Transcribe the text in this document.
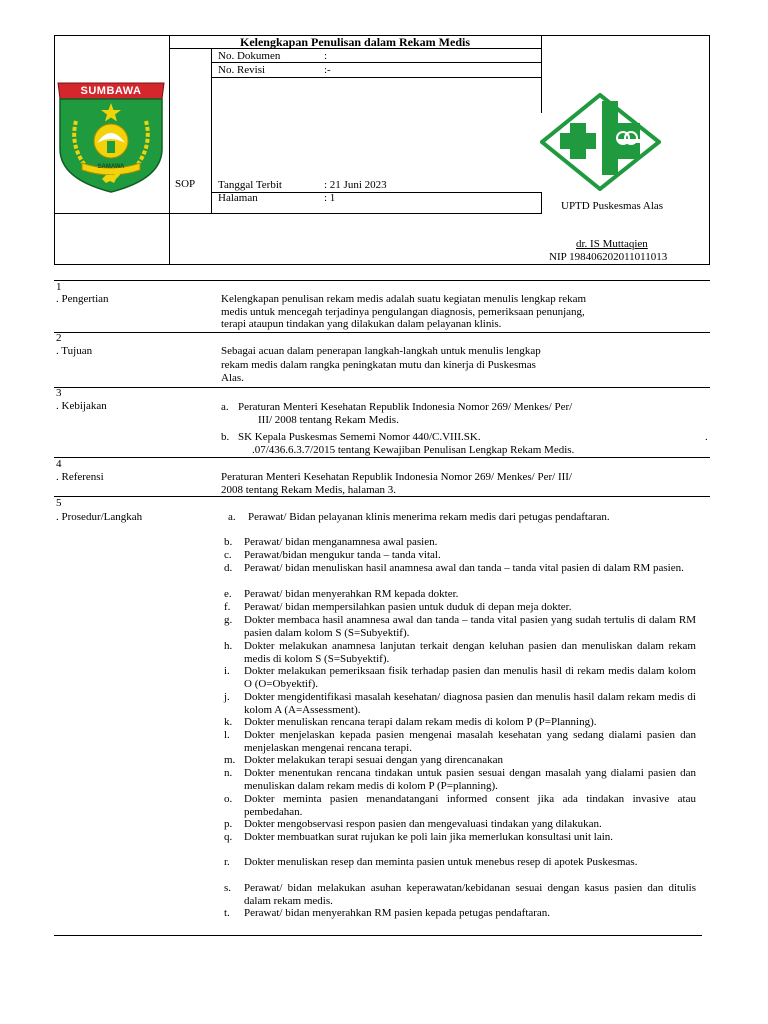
SUMBAWA
SAMAWA
Kelengkapan Penulisan dalam Rekam Medis
SOP
No. Dokumen	:
No. Revisi	:-
Tanggal Terbit	: 21 Juni 2023
Halaman	: 1
UPTD Puskesmas Alas
dr. IS Muttaqien
NIP 198406202011011013
1
. Pengertian	Kelengkapan penulisan rekam medis adalah suatu kegiatan menulis lengkap rekam
medis untuk mencegah terjadinya pengulangan diagnosis, pemeriksaan penunjang,
terapi ataupun tindakan yang dilakukan dalam pelayanan klinis.
2
. Tujuan	Sebagai acuan dalam penerapan langkah-langkah untuk menulis lengkap
rekam medis dalam rangka peningkatan mutu dan kinerja di Puskesmas
Alas.
3
. Kebijakan	a. Peraturan Menteri Kesehatan Republik Indonesia Nomor 269/ Menkes/ Per/
III/ 2008 tentang Rekam Medis.
b. SK Kepala Puskesmas Sememi Nomor 440/C.VIII.SK.
.07/436.6.3.7/2015 tentang Kewajiban Penulisan Lengkap Rekam Medis.
.
4
. Referensi	Peraturan Menteri Kesehatan Republik Indonesia Nomor 269/ Menkes/ Per/ III/
2008 tentang Rekam Medis, halaman 3.
5
. Prosedur/Langkah	a.	Perawat/ Bidan pelayanan klinis menerima rekam medis dari petugas pendaftaran.
b.	Perawat/ bidan menganamnesa awal pasien.
c.	Perawat/bidan mengukur tanda – tanda vital.
d.	Perawat/ bidan menuliskan hasil anamnesa awal dan tanda – tanda vital pasien di dalam RM pasien.
e.	Perawat/ bidan menyerahkan RM kepada dokter.
f.	Perawat/ bidan mempersilahkan pasien untuk duduk di depan meja dokter.
g.	Dokter membaca hasil anamnesa awal dan tanda – tanda vital pasien yang sudah tertulis di dalam RM pasien dalam kolom S (S=Subyektif).
h.	Dokter melakukan anamnesa lanjutan terkait dengan keluhan pasien dan menuliskan dalam rekam medis di kolom S (S=Subyektif).
i.	Dokter melakukan pemeriksaan fisik terhadap pasien dan menulis hasil di rekam medis dalam kolom O (O=Obyektif).
j.	Dokter mengidentifikasi masalah kesehatan/ diagnosa pasien dan menulis hasil dalam rekam medis di kolom A (A=Assessment).
k.	Dokter menuliskan rencana terapi dalam rekam medis di kolom P (P=Planning).
l.	Dokter menjelaskan kepada pasien mengenai masalah kesehatan yang sedang dialami pasien dan menjelaskan mengenai rencana terapi.
m. Dokter melakukan terapi sesuai dengan yang direncanakan
n.	Dokter menentukan rencana tindakan untuk pasien sesuai dengan masalah yang dialami pasien dan menuliskan dalam rekam medis di kolom P (P=planning).
o.	Dokter meminta pasien menandatangani informed consent jika ada tindakan invasive atau pembedahan.
p.	Dokter mengobservasi respon pasien dan mengevaluasi tindakan yang dilakukan.
q.	Dokter membuatkan surat rujukan ke poli lain jika memerlukan konsultasi unit lain.
r.	Dokter menuliskan resep dan meminta pasien untuk menebus resep di apotek Puskesmas.
s.	Perawat/ bidan melakukan asuhan keperawatan/kebidanan sesuai dengan kasus pasien dan ditulis dalam rekam medis.
t.	Perawat/ bidan menyerahkan RM pasien kepada petugas pendaftaran.
